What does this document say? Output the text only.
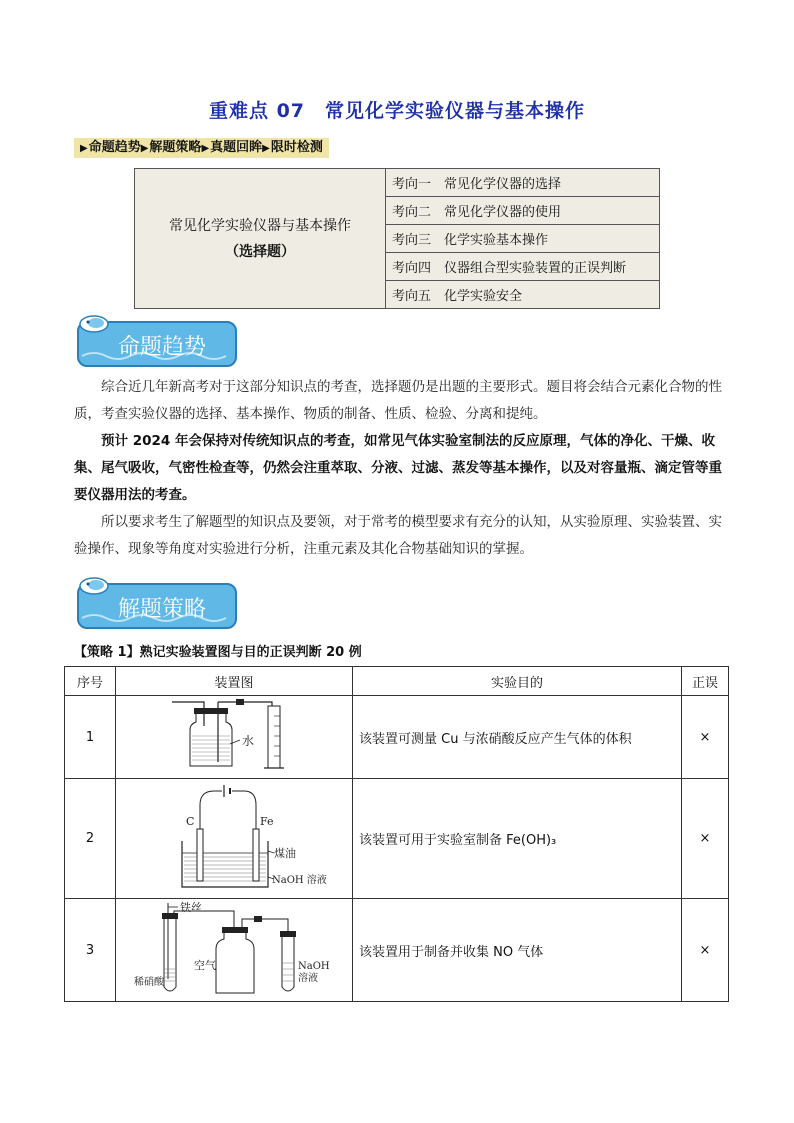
重难点 07　常见化学实验仪器与基本操作
▶命题趋势▶解题策略▶真题回眸▶限时检测
常见化学实验仪器与基本操作
（选择题）
	考向一　常见化学仪器的选择
考向二　常见化学仪器的使用
考向三　化学实验基本操作
考向四　仪器组合型实验装置的正误判断
考向五　化学实验安全
命题趋势

综合近几年新高考对于这部分知识点的考查，选择题仍是出题的主要形式。题目将会结合元素化合物的性质，考查实验仪器的选择、基本操作、物质的制备、性质、检验、分离和提纯。

预计 2024 年会保持对传统知识点的考查，如常见气体实验室制法的反应原理，气体的净化、干燥、收集、尾气吸收，气密性检查等，仍然会注重萃取、分液、过滤、蒸发等基本操作，以及对容量瓶、滴定管等重要仪器用法的考查。

所以要求考生了解题型的知识点及要领，对于常考的模型要求有充分的认知，从实验原理、实验装置、实验操作、现象等角度对实验进行分析，注重元素及其化合物基础知识的掌握。

解题策略
【策略 1】熟记实验装置图与目的正误判断 20 例
序号	装置图	实验目的	正误
1	水	该装置可测量 Cu 与浓硝酸反应产生气体的体积	×
2	C Fe
煤油
NaOH 溶液	该装置可用于实验室制备 Fe(OH)₃	×
3	铁丝
稀硝酸
空气 NaOH
溶液	该装置用于制备并收集 NO 气体	×
